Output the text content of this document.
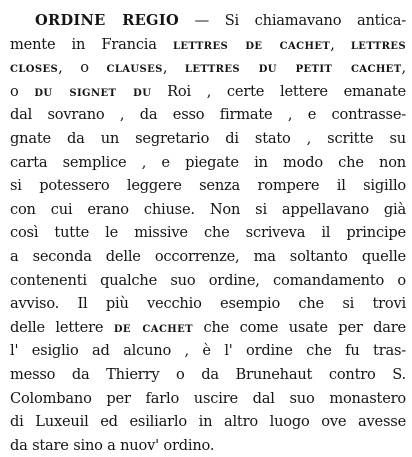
ORDINE REGIO — Si chiamavano antica-
mente in Francia lettres de cachet, lettres
closes, o clauses, lettres du petit cachet,
o du signet du Roi , certe lettere emanate
dal sovrano , da esso firmate , e contrasse-
gnate da un segretario di stato , scritte su
carta semplice , e piegate in modo che non
si potessero leggere senza rompere il sigillo
con cui erano chiuse. Non si appellavano già
così tutte le missive che scriveva il principe
a seconda delle occorrenze, ma soltanto quelle
contenenti qualche suo ordine, comandamento o
avviso. Il più vecchio esempio che si trovi
delle lettere de cachet che come usate per dare
l' esiglio ad alcuno , è l' ordine che fu tras-
messo da Thierry o da Brunehaut contro S.
Colombano per farlo uscire dal suo monastero
di Luxeuil ed esiliarlo in altro luogo ove avesse
da stare sino a nuov' ordino.
